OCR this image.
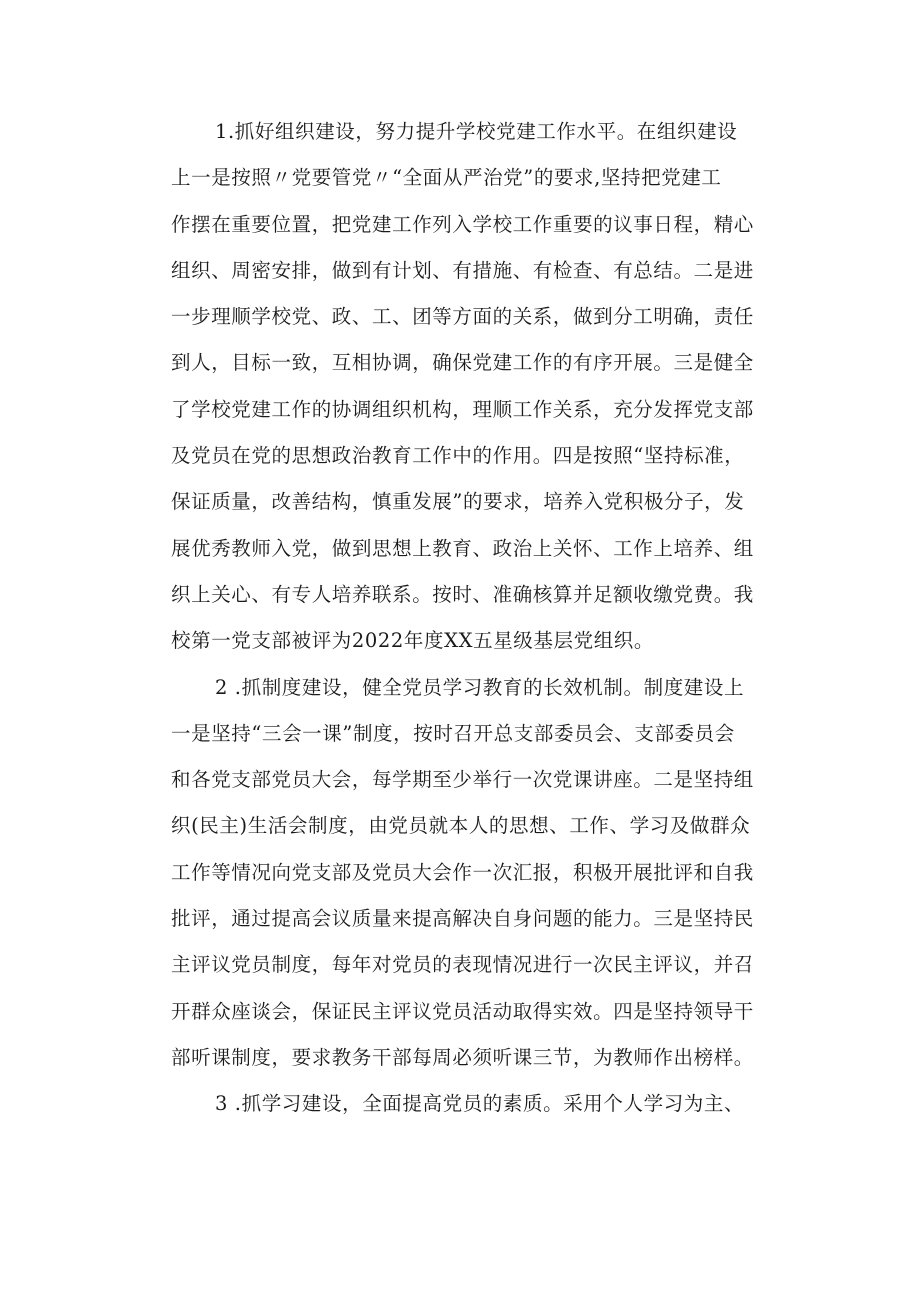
1.抓好组织建设，努力提升学校党建工作水平。在组织建设
上一是按照〃党要管党〃“全面从严治党”的要求,坚持把党建工
作摆在重要位置，把党建工作列入学校工作重要的议事日程，精心
组织、周密安排，做到有计划、有措施、有检查、有总结。二是进
一步理顺学校党、政、工、团等方面的关系，做到分工明确，责任
到人，目标一致，互相协调，确保党建工作的有序开展。三是健全
了学校党建工作的协调组织机构，理顺工作关系，充分发挥党支部
及党员在党的思想政治教育工作中的作用。四是按照“坚持标准，
保证质量，改善结构，慎重发展”的要求，培养入党积极分子，发
展优秀教师入党，做到思想上教育、政治上关怀、工作上培养、组
织上关心、有专人培养联系。按时、准确核算并足额收缴党费。我
校第一党支部被评为2022年度XX五星级基层党组织。
2 .抓制度建设，健全党员学习教育的长效机制。制度建设上
一是坚持“三会一课”制度，按时召开总支部委员会、支部委员会
和各党支部党员大会，每学期至少举行一次党课讲座。二是坚持组
织(民主)生活会制度，由党员就本人的思想、工作、学习及做群众
工作等情况向党支部及党员大会作一次汇报，积极开展批评和自我
批评，通过提高会议质量来提高解决自身问题的能力。三是坚持民
主评议党员制度，每年对党员的表现情况进行一次民主评议，并召
开群众座谈会，保证民主评议党员活动取得实效。四是坚持领导干
部听课制度，要求教务干部每周必须听课三节，为教师作出榜样。
3 .抓学习建设，全面提高党员的素质。采用个人学习为主、
